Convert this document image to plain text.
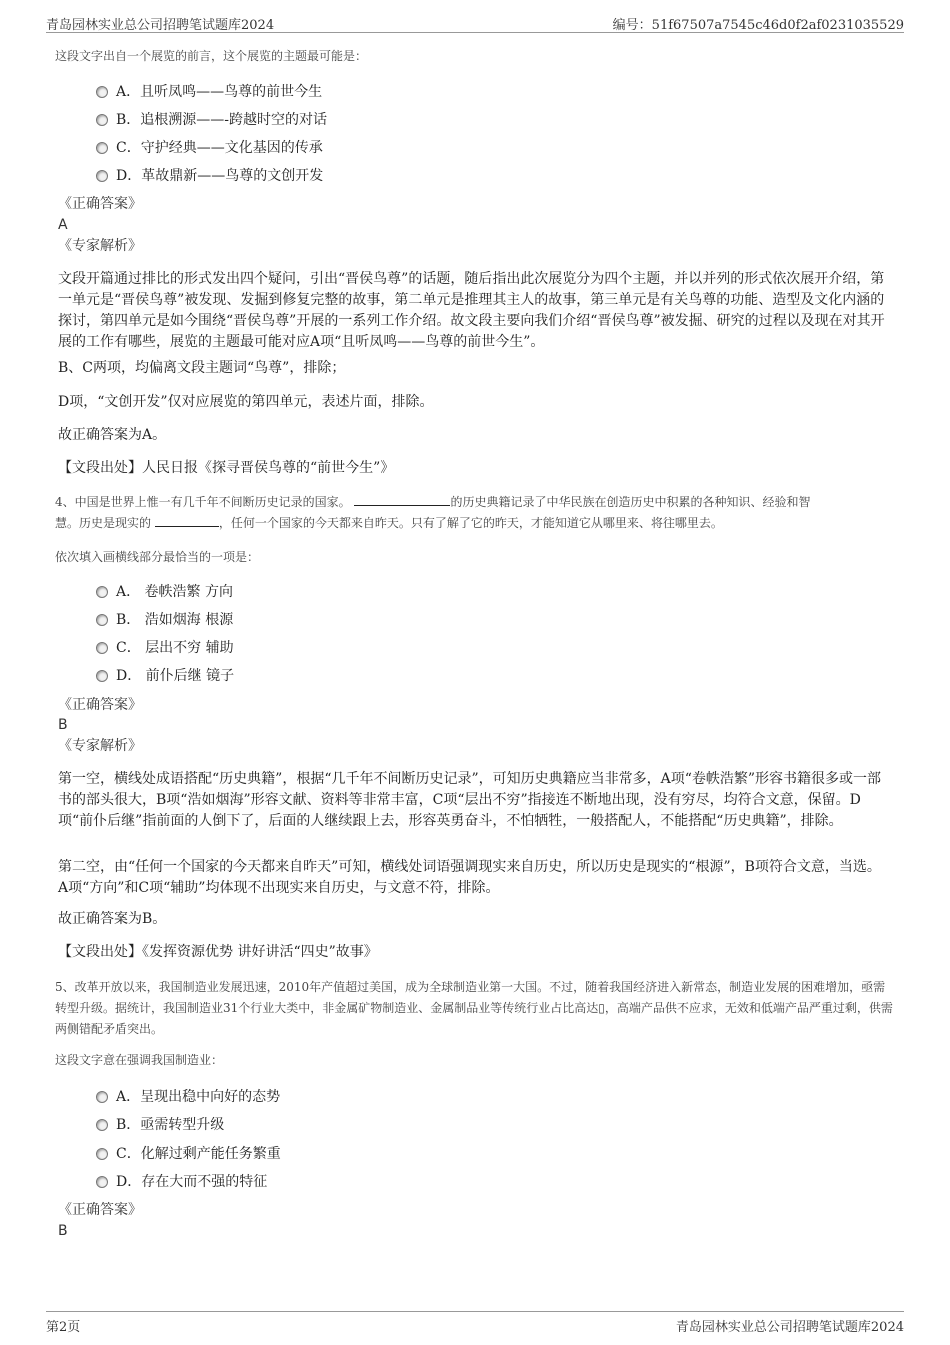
青岛园林实业总公司招聘笔试题库2024	编号：51f67507a7545c46d0f2af0231035529
这段文字出自一个展览的前言，这个展览的主题最可能是：
A．且听凤鸣——鸟尊的前世今生
B．追根溯源——-跨越时空的对话
C．守护经典——文化基因的传承
D．革故鼎新——鸟尊的文创开发
《正确答案》
A
《专家解析》
文段开篇通过排比的形式发出四个疑问，引出“晋侯鸟尊”的话题，随后指出此次展览分为四个主题，并以并列的形式依次展开介绍，第一单元是“晋侯鸟尊”被发现、发掘到修复完整的故事，第二单元是推理其主人的故事，第三单元是有关鸟尊的功能、造型及文化内涵的探讨，第四单元是如今围绕“晋侯鸟尊”开展的一系列工作介绍。故文段主要向我们介绍“晋侯鸟尊”被发掘、研究的过程以及现在对其开展的工作有哪些，展览的主题最可能对应A项“且听凤鸣——鸟尊的前世今生”。
B、C两项，均偏离文段主题词“鸟尊”，排除；
D项，“文创开发”仅对应展览的第四单元，表述片面，排除。
故正确答案为A。
【文段出处】人民日报《探寻晋侯鸟尊的“前世今生”》
4、中国是世界上惟一有几千年不间断历史记录的国家。	的历史典籍记录了中华民族在创造历史中积累的各种知识、经验和智
慧。历史是现实的	，任何一个国家的今天都来自昨天。只有了解了它的昨天，才能知道它从哪里来、将往哪里去。
依次填入画横线部分最恰当的一项是：
A． 卷帙浩繁 方向
B． 浩如烟海 根源
C． 层出不穷 辅助
D． 前仆后继 镜子
《正确答案》
B
《专家解析》
第一空，横线处成语搭配“历史典籍”，根据“几千年不间断历史记录”，可知历史典籍应当非常多，A项“卷帙浩繁”形容书籍很多或一部书的部头很大，B项“浩如烟海”形容文献、资料等非常丰富，C项“层出不穷”指接连不断地出现，没有穷尽，均符合文意，保留。D项“前仆后继”指前面的人倒下了，后面的人继续跟上去，形容英勇奋斗，不怕牺牲，一般搭配人，不能搭配“历史典籍”，排除。
第二空，由“任何一个国家的今天都来自昨天”可知，横线处词语强调现实来自历史，所以历史是现实的“根源”，B项符合文意，当选。A项“方向”和C项“辅助”均体现不出现实来自历史，与文意不符，排除。
故正确答案为B。
【文段出处】《发挥资源优势 讲好讲活“四史”故事》
5、改革开放以来，我国制造业发展迅速，2010年产值超过美国，成为全球制造业第一大国。不过，随着我国经济进入新常态，制造业发展的困难增加，亟需转型升级。据统计，我国制造业31个行业大类中，非金属矿物制造业、金属制品业等传统行业占比高达▯，高端产品供不应求，无效和低端产品严重过剩，供需两侧错配矛盾突出。
这段文字意在强调我国制造业：
A．呈现出稳中向好的态势
B．亟需转型升级
C．化解过剩产能任务繁重
D．存在大而不强的特征
《正确答案》
B
第2页	青岛园林实业总公司招聘笔试题库2024
